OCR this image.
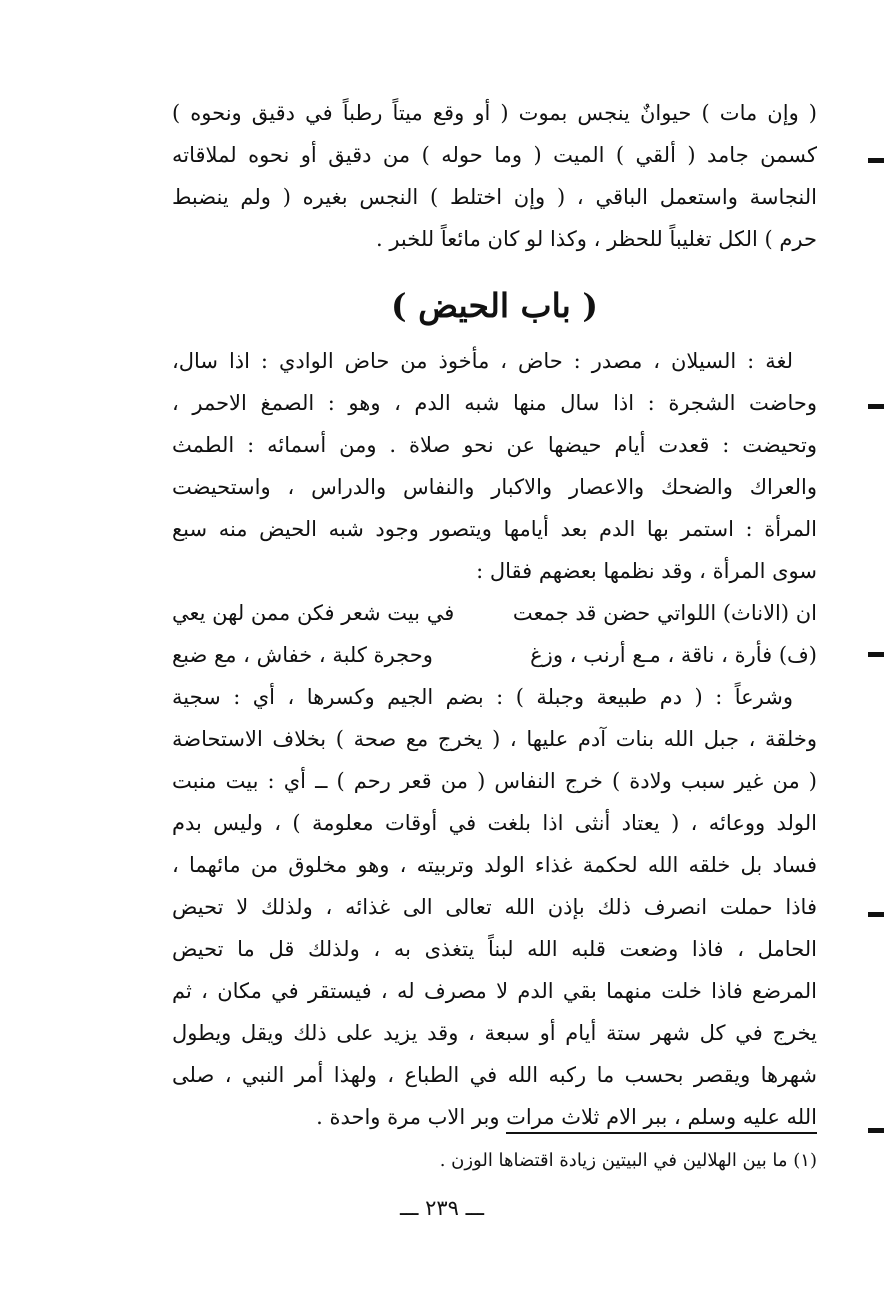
( وإن مات ) حيوانٌ ينجس بموت ( أو وقع ميتاً رطباً في دقيق ونحوه )
كسمن جامد ( ألقي ) الميت ( وما حوله ) من دقيق أو نحوه لملاقاته
النجاسة واستعمل الباقي ، ( وإن اختلط ) النجس بغيره ( ولم ينضبط
حرم ) الكل تغليباً للحظر ، وكذا لو كان مائعاً للخبر .
( باب الحيض )
لغة : السيلان ، مصدر : حاض ، مأخوذ من حاض الوادي : اذا سال،
وحاضت الشجرة : اذا سال منها شبه الدم ، وهو : الصمغ الاحمر ،
وتحيضت : قعدت أيام حيضها عن نحو صلاة . ومن أسمائه : الطمث
والعراك والضحك والاعصار والاكبار والنفاس والدراس ، واستحيضت
المرأة : استمر بها الدم بعد أيامها ويتصور وجود شبه الحيض منه سبع
سوى المرأة ، وقد نظمها بعضهم فقال :
ان (الاناث) اللواتي حضن قد جمعت
في بيت شعر فكن ممن لهن يعي
(ف) فأرة ، ناقة ، مـع أرنب ، وزغ
وحجرة كلبة ، خفاش ، مع ضبع
وشرعاً : ( دم طبيعة وجبلة ) : بضم الجيم وكسرها ، أي : سجية
وخلقة ، جبل الله بنات آدم عليها ، ( يخرج مع صحة ) بخلاف الاستحاضة
( من غير سبب ولادة ) خرج النفاس ( من قعر رحم ) ــ أي : بيت منبت
الولد ووعائه ، ( يعتاد أنثى اذا بلغت في أوقات معلومة ) ، وليس بدم
فساد بل خلقه الله لحكمة غذاء الولد وتربيته ، وهو مخلوق من مائهما ،
فاذا حملت انصرف ذلك بإذن الله تعالى الى غذائه ، ولذلك لا تحيض
الحامل ، فاذا وضعت قلبه الله لبناً يتغذى به ، ولذلك قل ما تحيض
المرضع فاذا خلت منهما بقي الدم لا مصرف له ، فيستقر في مكان ، ثم
يخرج في كل شهر ستة أيام أو سبعة ، وقد يزيد على ذلك ويقل ويطول
شهرها ويقصر بحسب ما ركبه الله في الطباع ، ولهذا أمر النبي ، صلى
الله عليه وسلم ، ببر الام ثلاث مرات وبر الاب مرة واحدة .
(١) ما بين الهلالين في البيتين زيادة اقتضاها الوزن .
ـــ ٢٣٩ ـــ
